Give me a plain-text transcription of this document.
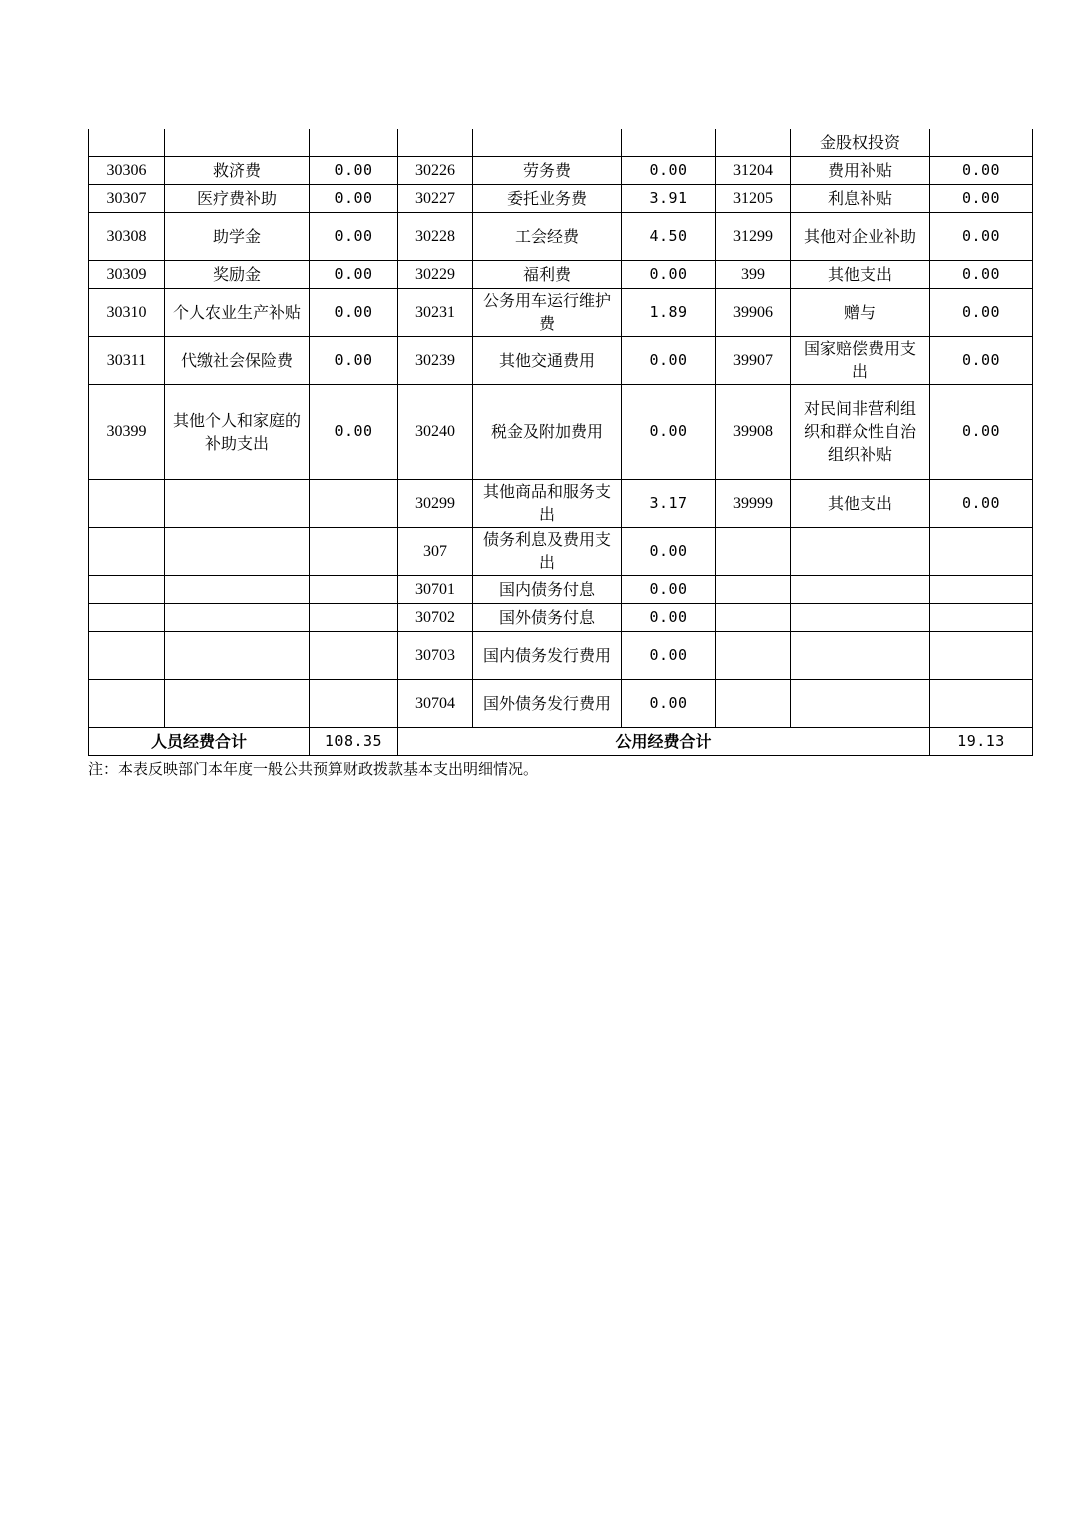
							金股权投资	
30306	救济费	0.00	30226	劳务费	0.00	31204	费用补贴	0.00
30307	医疗费补助	0.00	30227	委托业务费	3.91	31205	利息补贴	0.00
30308	助学金	0.00	30228	工会经费	4.50	31299	其他对企业补助	0.00
30309	奖励金	0.00	30229	福利费	0.00	399	其他支出	0.00
30310	个人农业生产补贴	0.00	30231	公务用车运行维护费	1.89	39906	赠与	0.00
30311	代缴社会保险费	0.00	30239	其他交通费用	0.00	39907	国家赔偿费用支出	0.00
30399	其他个人和家庭的补助支出	0.00	30240	税金及附加费用	0.00	39908	对民间非营利组织和群众性自治组织补贴	0.00
			30299	其他商品和服务支出	3.17	39999	其他支出	0.00
			307	债务利息及费用支出	0.00			
			30701	国内债务付息	0.00			
			30702	国外债务付息	0.00			
			30703	国内债务发行费用	0.00			
			30704	国外债务发行费用	0.00			
人员经费合计		108.35	公用经费合计					19.13
注：本表反映部门本年度一般公共预算财政拨款基本支出明细情况。
